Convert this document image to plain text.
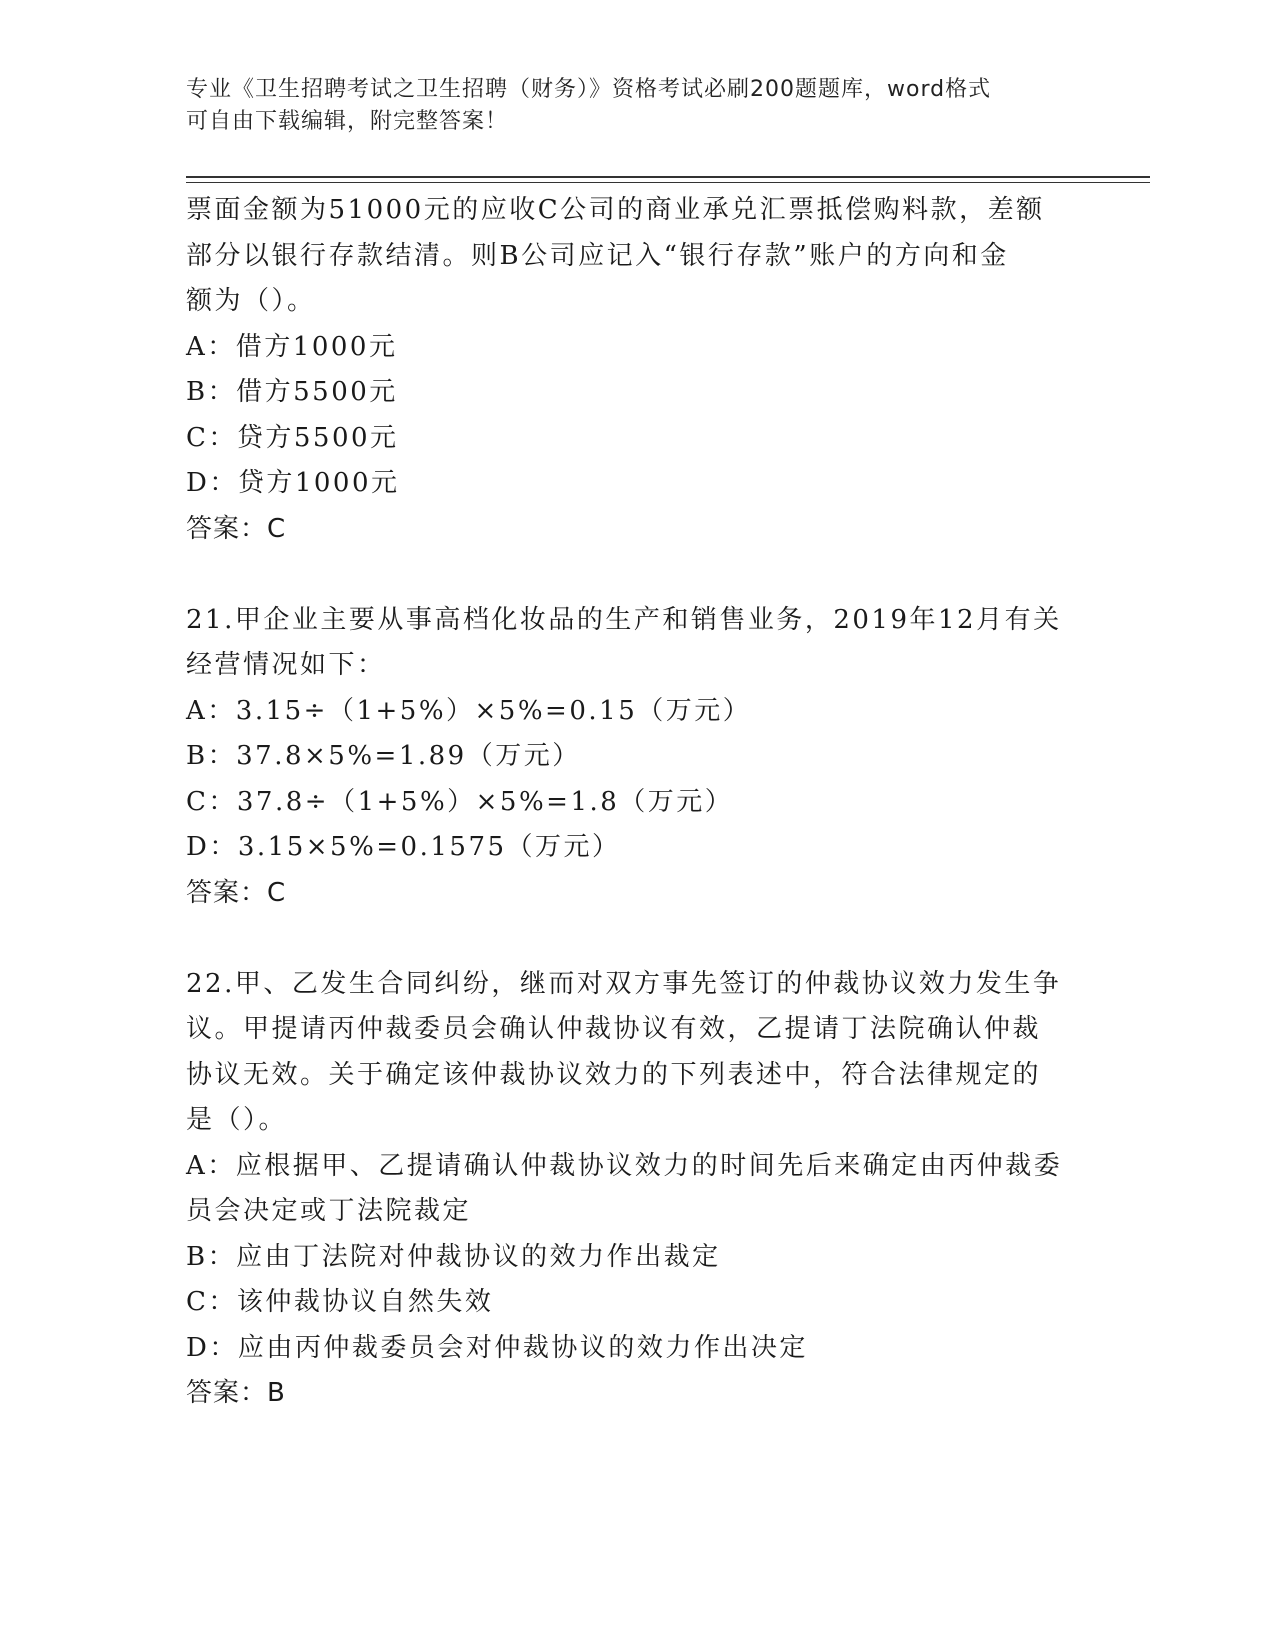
专业《卫生招聘考试之卫生招聘（财务）》资格考试必刷200题题库，word格式
可自由下载编辑，附完整答案！
票面金额为51000元的应收C公司的商业承兑汇票抵偿购料款，差额
部分以银行存款结清。则B公司应记入“银行存款”账户的方向和金
额为（）。
A：借方1000元
B：借方5500元
C：贷方5500元
D：贷方1000元
答案：C
21.甲企业主要从事高档化妆品的生产和销售业务，2019年12月有关
经营情况如下：
A：3.15÷（1+5%）×5%=0.15（万元）
B：37.8×5%=1.89（万元）
C：37.8÷（1+5%）×5%=1.8（万元）
D：3.15×5%=0.1575（万元）
答案：C
22.甲、乙发生合同纠纷，继而对双方事先签订的仲裁协议效力发生争
议。甲提请丙仲裁委员会确认仲裁协议有效，乙提请丁法院确认仲裁
协议无效。关于确定该仲裁协议效力的下列表述中，符合法律规定的
是（）。
A：应根据甲、乙提请确认仲裁协议效力的时间先后来确定由丙仲裁委
员会决定或丁法院裁定
B：应由丁法院对仲裁协议的效力作出裁定
C：该仲裁协议自然失效
D：应由丙仲裁委员会对仲裁协议的效力作出决定
答案：B
